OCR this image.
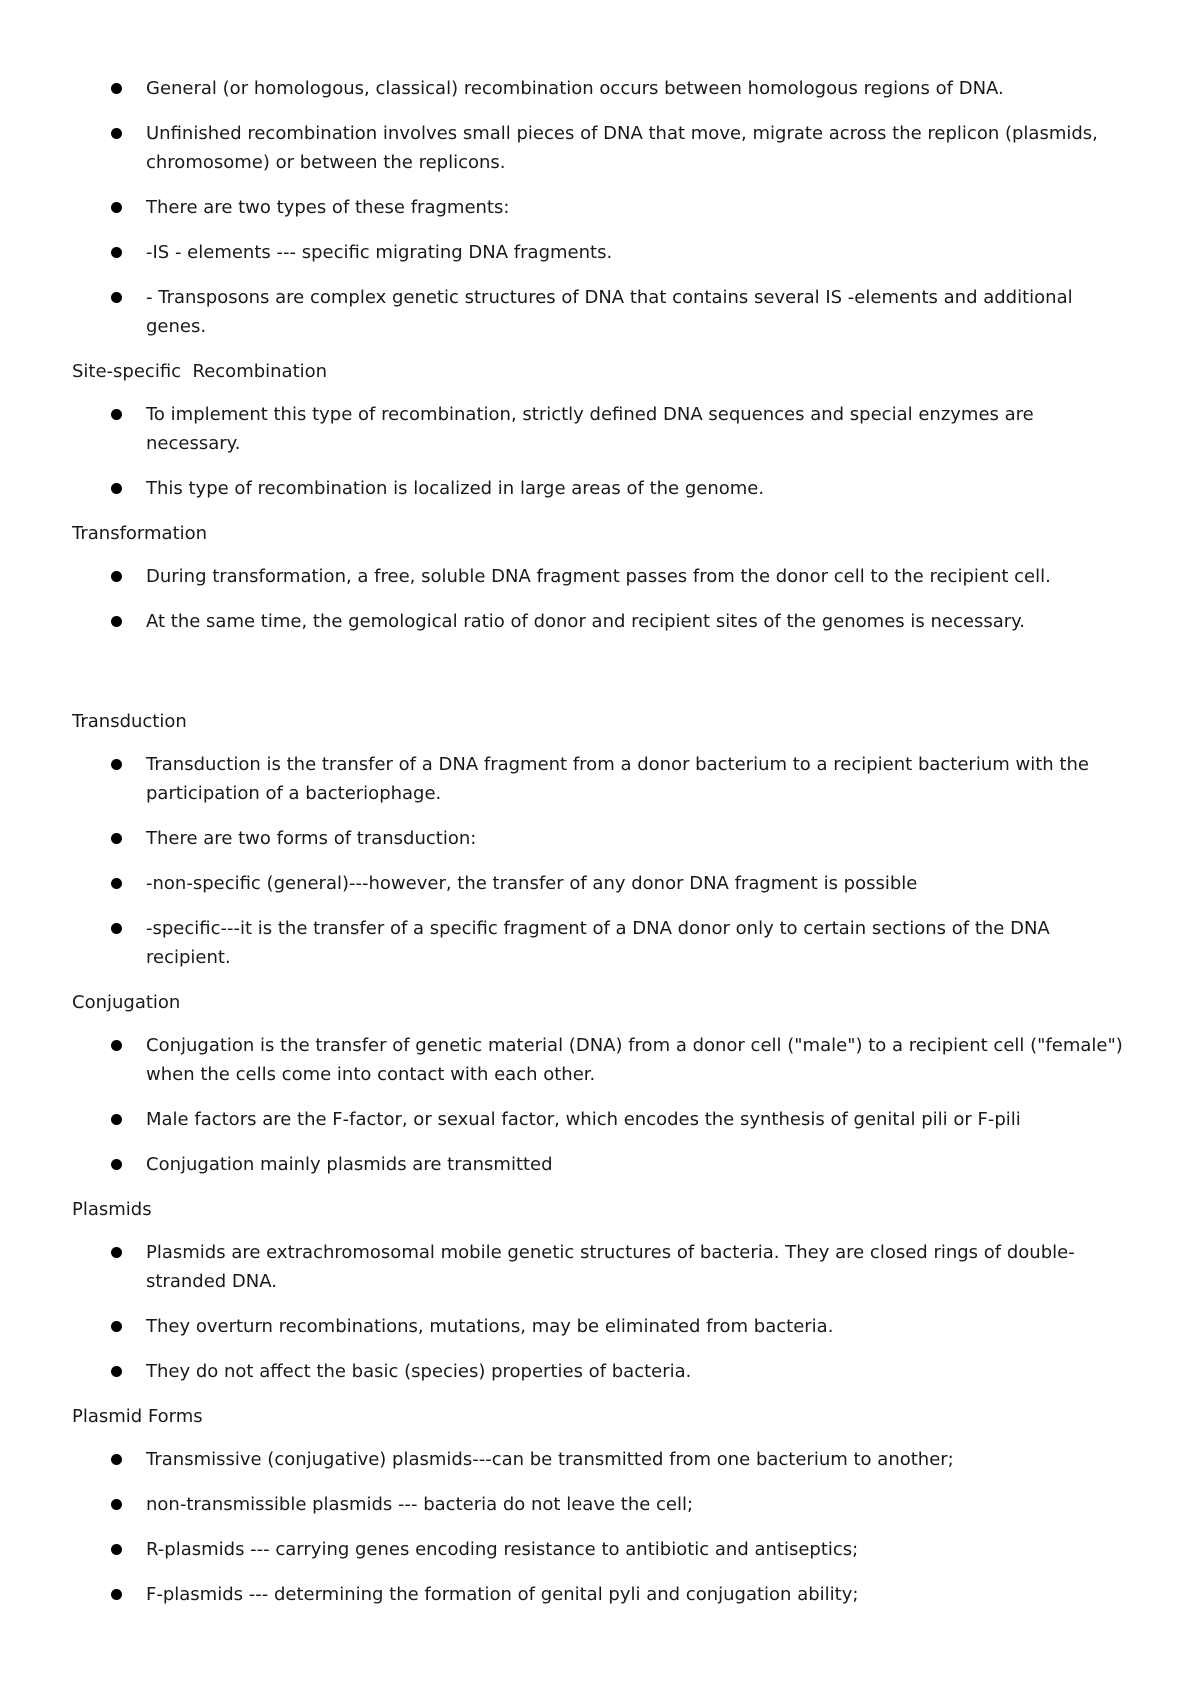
General (or homologous, classical) recombination occurs between homologous regions of DNA.
Unfinished recombination involves small pieces of DNA that move, migrate across the replicon (plasmids, chromosome) or between the replicons.
There are two types of these fragments:
-IS - elements --- specific migrating DNA fragments.
- Transposons are complex genetic structures of DNA that contains several IS -elements and additional genes.
Site-specific  Recombination
To implement this type of recombination, strictly defined DNA sequences and special enzymes are necessary.
This type of recombination is localized in large areas of the genome.
Transformation
During transformation, a free, soluble DNA fragment passes from the donor cell to the recipient cell.
At the same time, the gemological ratio of donor and recipient sites of the genomes is necessary.
Transduction
Transduction is the transfer of a DNA fragment from a donor bacterium to a recipient bacterium with the participation of a bacteriophage.
There are two forms of transduction:
-non-specific (general)---however, the transfer of any donor DNA fragment is possible
-specific---it is the transfer of a specific fragment of a DNA donor only to certain sections of the DNA recipient.
Conjugation
Conjugation is the transfer of genetic material (DNA) from a donor cell ("male") to a recipient cell ("female") when the cells come into contact with each other.
Male factors are the F-factor, or sexual factor, which encodes the synthesis of genital pili or F-pili
Conjugation mainly plasmids are transmitted
Plasmids
Plasmids are extrachromosomal mobile genetic structures of bacteria. They are closed rings of double-stranded DNA.
They overturn recombinations, mutations, may be eliminated from bacteria.
They do not affect the basic (species) properties of bacteria.
Plasmid Forms
Transmissive (conjugative) plasmids---can be transmitted from one bacterium to another;
non-transmissible plasmids --- bacteria do not leave the cell;
R-plasmids --- carrying genes encoding resistance to antibiotic and antiseptics;
F-plasmids --- determining the formation of genital pyli and conjugation ability;
